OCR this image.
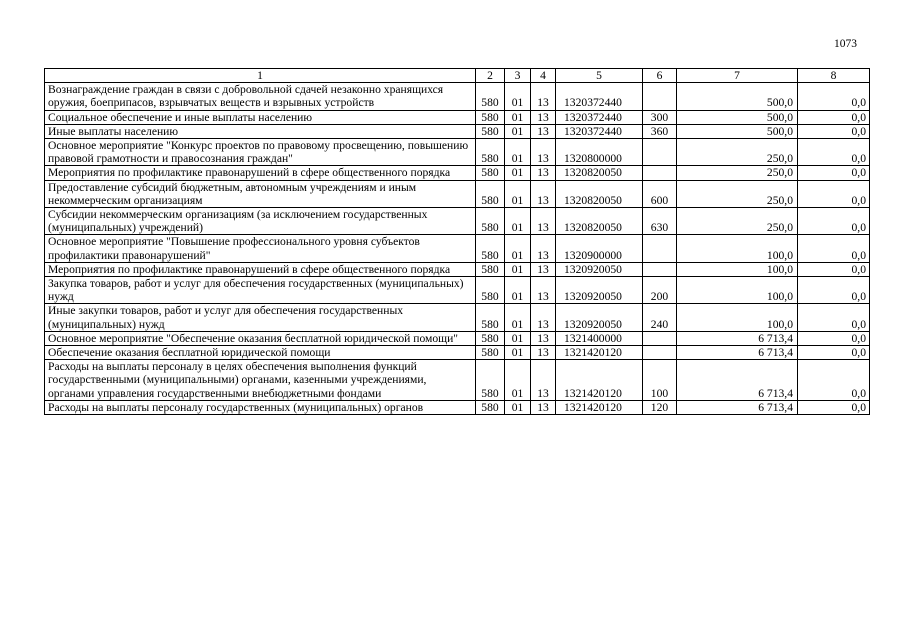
1073
1	2	3	4	5	6	7	8
Вознаграждение граждан в связи с добровольной сдачей незаконно хранящихся оружия, боеприпасов, взрывчатых веществ и взрывных устройств	580	01	13	1320372440		500,0	0,0
Социальное обеспечение и иные выплаты населению	580	01	13	1320372440	300	500,0	0,0
Иные выплаты населению	580	01	13	1320372440	360	500,0	0,0
Основное мероприятие "Конкурс проектов по правовому просвещению, повышению правовой грамотности и правосознания граждан"	580	01	13	1320800000		250,0	0,0
Мероприятия по профилактике правонарушений в сфере общественного порядка	580	01	13	1320820050		250,0	0,0
Предоставление субсидий бюджетным, автономным учреждениям и иным некоммерческим организациям	580	01	13	1320820050	600	250,0	0,0
Субсидии некоммерческим организациям (за исключением государственных (муниципальных) учреждений)	580	01	13	1320820050	630	250,0	0,0
Основное мероприятие "Повышение профессионального уровня субъектов профилактики правонарушений"	580	01	13	1320900000		100,0	0,0
Мероприятия по профилактике правонарушений в сфере общественного порядка	580	01	13	1320920050		100,0	0,0
Закупка товаров, работ и услуг для обеспечения государственных (муниципальных) нужд	580	01	13	1320920050	200	100,0	0,0
Иные закупки товаров, работ и услуг для обеспечения государственных (муниципальных) нужд	580	01	13	1320920050	240	100,0	0,0
Основное мероприятие "Обеспечение оказания бесплатной юридической помощи"	580	01	13	1321400000		6 713,4	0,0
Обеспечение оказания бесплатной юридической помощи	580	01	13	1321420120		6 713,4	0,0
Расходы на выплаты персоналу в целях обеспечения выполнения функций государственными (муниципальными) органами, казенными учреждениями, органами управления государственными внебюджетными фондами	580	01	13	1321420120	100	6 713,4	0,0
Расходы на выплаты персоналу государственных (муниципальных) органов	580	01	13	1321420120	120	6 713,4	0,0
